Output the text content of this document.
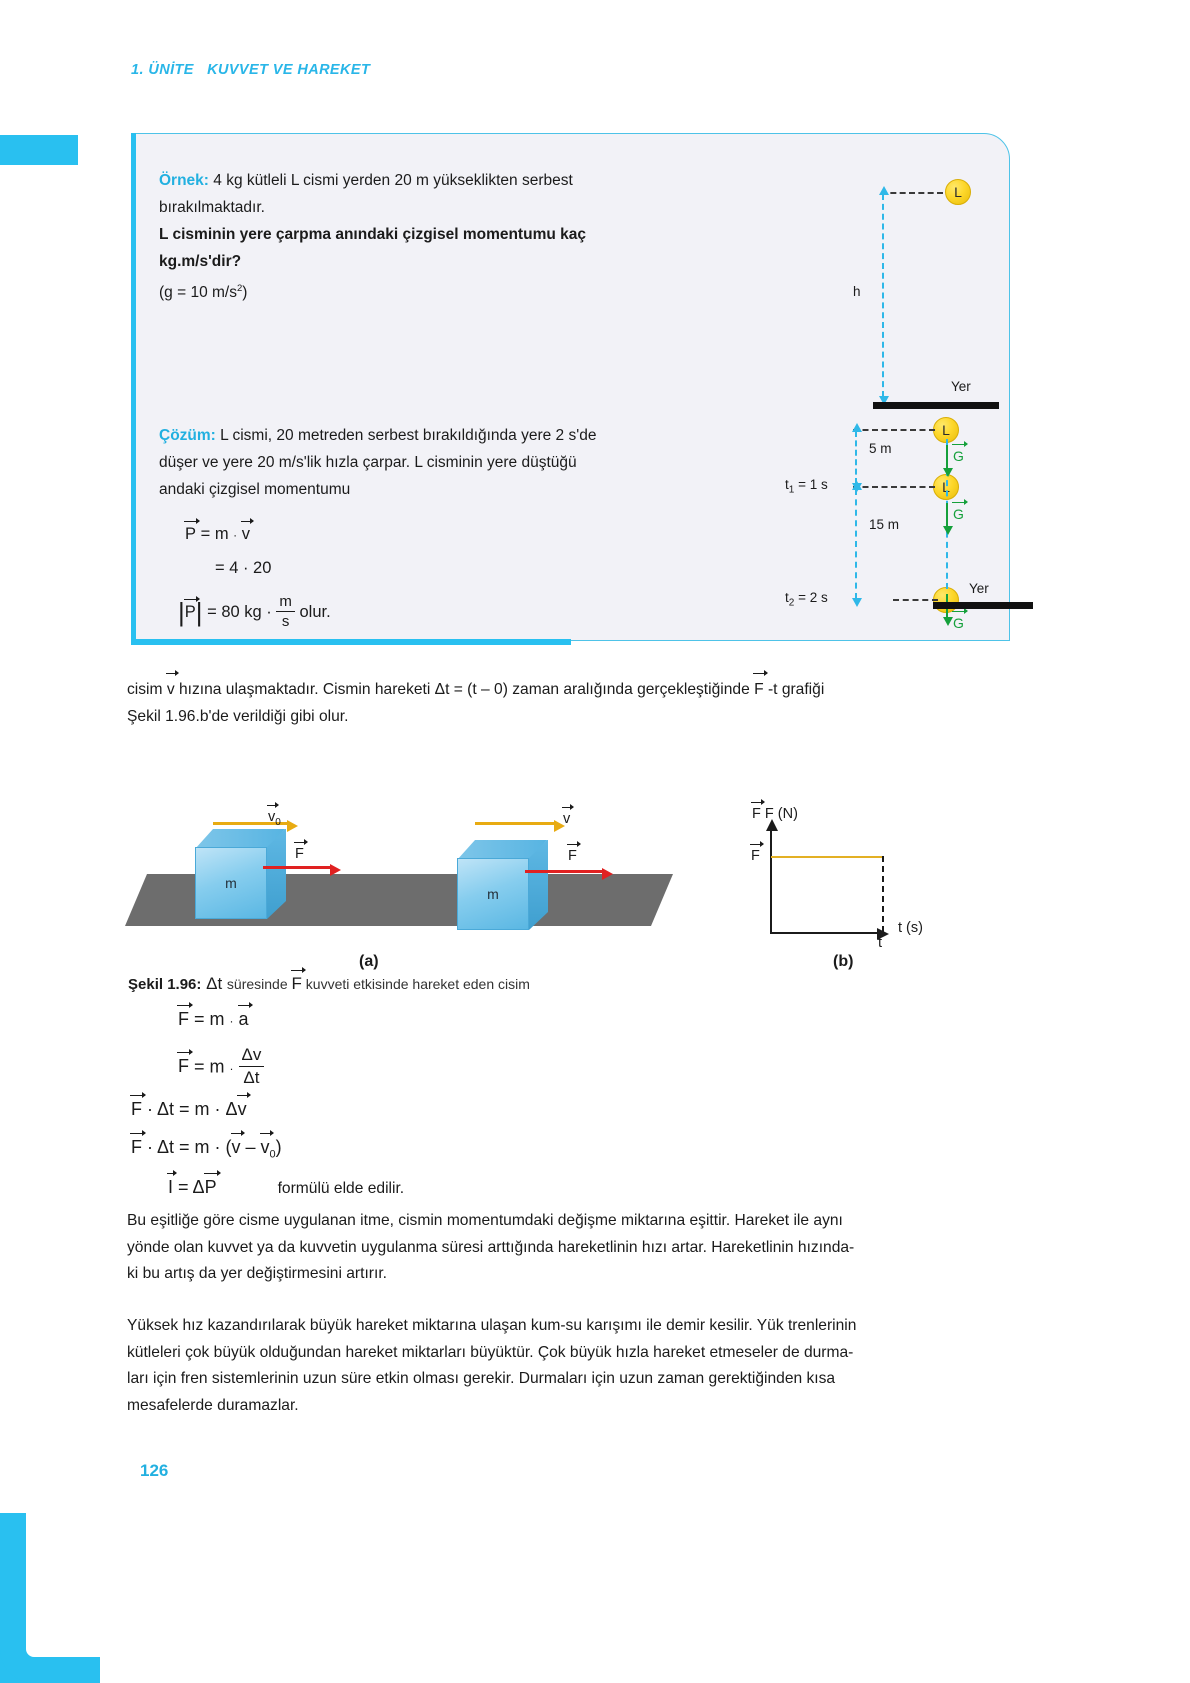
1. ÜNİTE   KUVVET VE HAREKET
Örnek: 4 kg kütleli L cismi yerden 20 m yükseklikten serbest
bırakılmaktadır.
L cisminin yere çarpma anındaki çizgisel momentumu kaç
kg.m/s'dir?
(g = 10 $m/s^2$)
Çözüm: L cismi, 20 metreden serbest bırakıldığında yere 2 s'de
düşer ve yere 20 m/s'lik hızla çarpar. L cisminin yere düştüğü
andaki çizgisel momentumu
P = m · v
= 4 · 20
|P| = 80 kg · $\frac{m}{s}$ olur.
L
h
Yer
L
L
5 m
15 m
$t_1 = 1$ s
$t_2 = 2$ s
G
G
G
Yer
cisim v hızına ulaşmaktadır. Cismin hareketi Δt = (t – 0) zaman aralığında gerçekleştiğinde F -t grafiği
Şekil 1.96.b'de verildiği gibi olur.
m
$v_0$
F
m
v
F
(a)
F F (N)
F
t
t (s)
(b)
Şekil 1.96: Δt süresinde F kuvveti etkisinde hareket eden cisim
F = m · a
$F = m \cdot \frac{\Delta v}{\Delta t}$
F · Δt = m · Δv
$F \cdot \Delta t = m \cdot (v - v_0)$
I = ΔP	formülü elde edilir.
Bu eşitliğe göre cisme uygulanan itme, cismin momentumdaki değişme miktarına eşittir. Hareket ile aynı
yönde olan kuvvet ya da kuvvetin uygulanma süresi arttığında hareketlinin hızı artar. Hareketlinin hızında-
ki bu artış da yer değiştirmesini artırır.
Yüksek hız kazandırılarak büyük hareket miktarına ulaşan kum-su karışımı ile demir kesilir. Yük trenlerinin
kütleleri çok büyük olduğundan hareket miktarları büyüktür. Çok büyük hızla hareket etmeseler de durma-
ları için fren sistemlerinin uzun süre etkin olması gerekir. Durmaları için uzun zaman gerektiğinden kısa
mesafelerde duramazlar.
126
